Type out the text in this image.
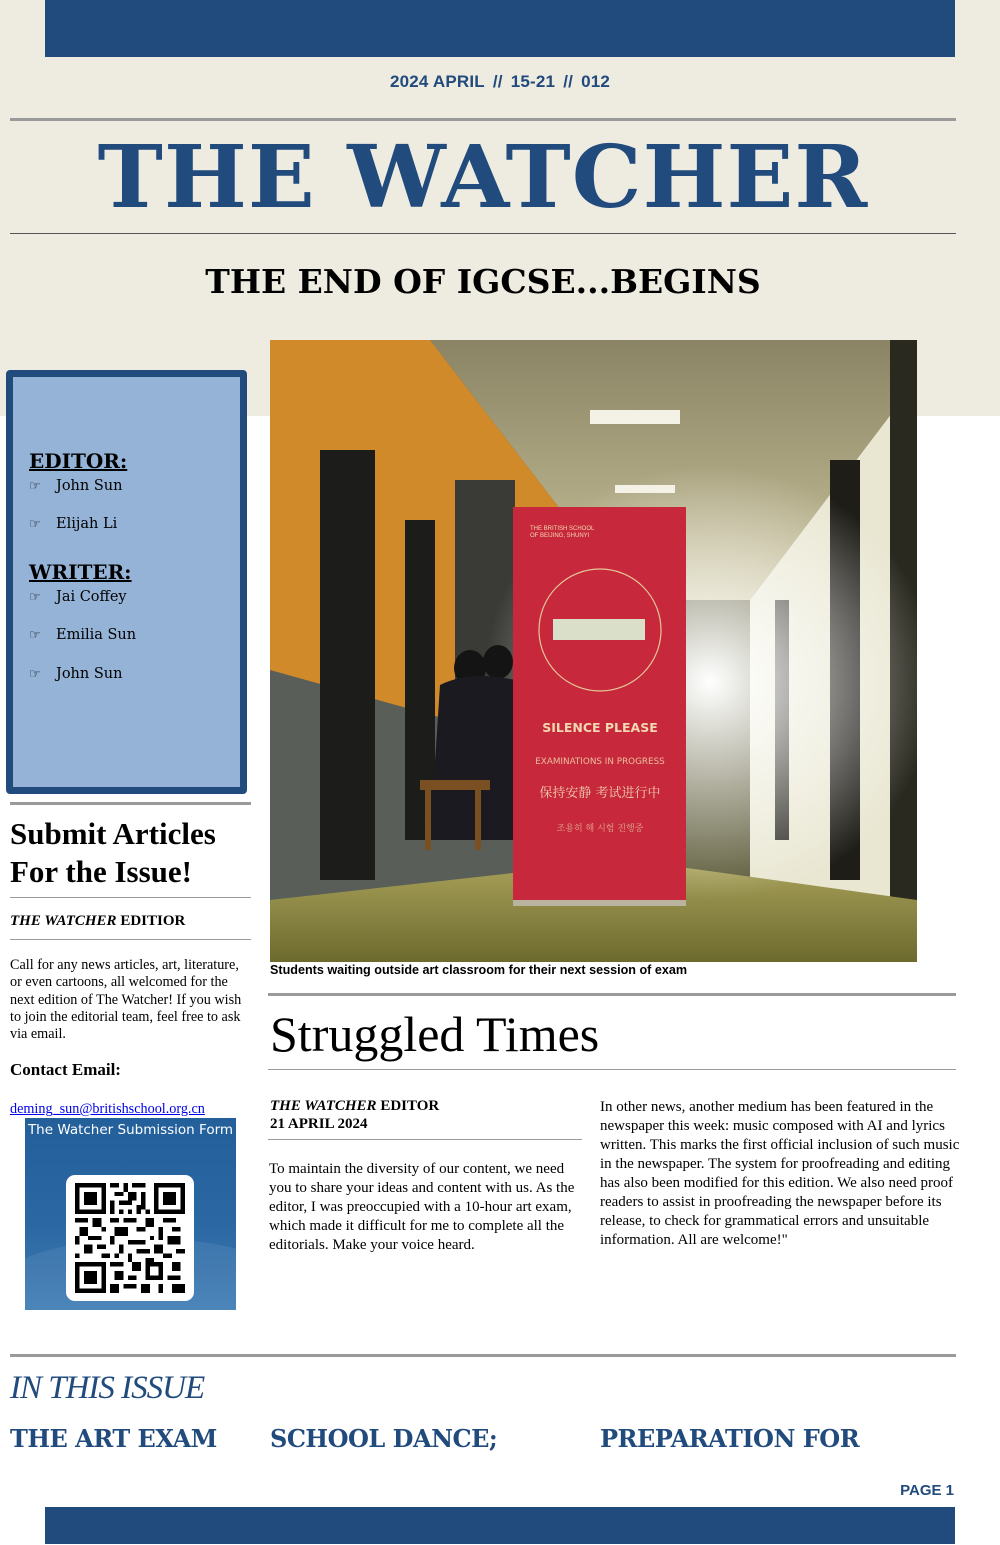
2024 APRIL // 15-21 // 012
THE WATCHER
THE END OF IGCSE...BEGINS
EDITOR:
☞	John Sun
☞	Elijah Li
WRITER:
☞	Jai Coffey
☞	Emilia Sun
☞	John Sun
Submit Articles
For the Issue!
THE WATCHER EDITIOR
Call for any news articles, art, literature, or even cartoons, all welcomed for the next edition of The Watcher! If you wish to join the editorial team, feel free to ask via email.
Contact Email:
deming_sun@britishschool.org.cn
The Watcher Submission Form
THE BRITISH SCHOOL
OF BEIJING, SHUNYI
SILENCE PLEASE
EXAMINATIONS IN PROGRESS
保持安静 考试进行中
조용히 해 시험 진행중
Students waiting outside art classroom for their next session of exam
Struggled Times
THE WATCHER EDITOR
21 APRIL 2024
To maintain the diversity of our content, we need you to share your ideas and content with us. As the editor, I was preoccupied with a 10-hour art exam, which made it difficult for me to complete all the editorials. Make your voice heard.
In other news, another medium has been featured in the newspaper this week: music composed with AI and lyrics written. This marks the first official inclusion of such music in the newspaper. The system for proofreading and editing has also been modified for this edition. We also need proof readers to assist in proofreading the newspaper before its release, to check for grammatical errors and unsuitable information. All are welcome!"
IN THIS ISSUE
THE ART EXAM SCHOOL DANCE;	PREPARATION FOR
PAGE 1
